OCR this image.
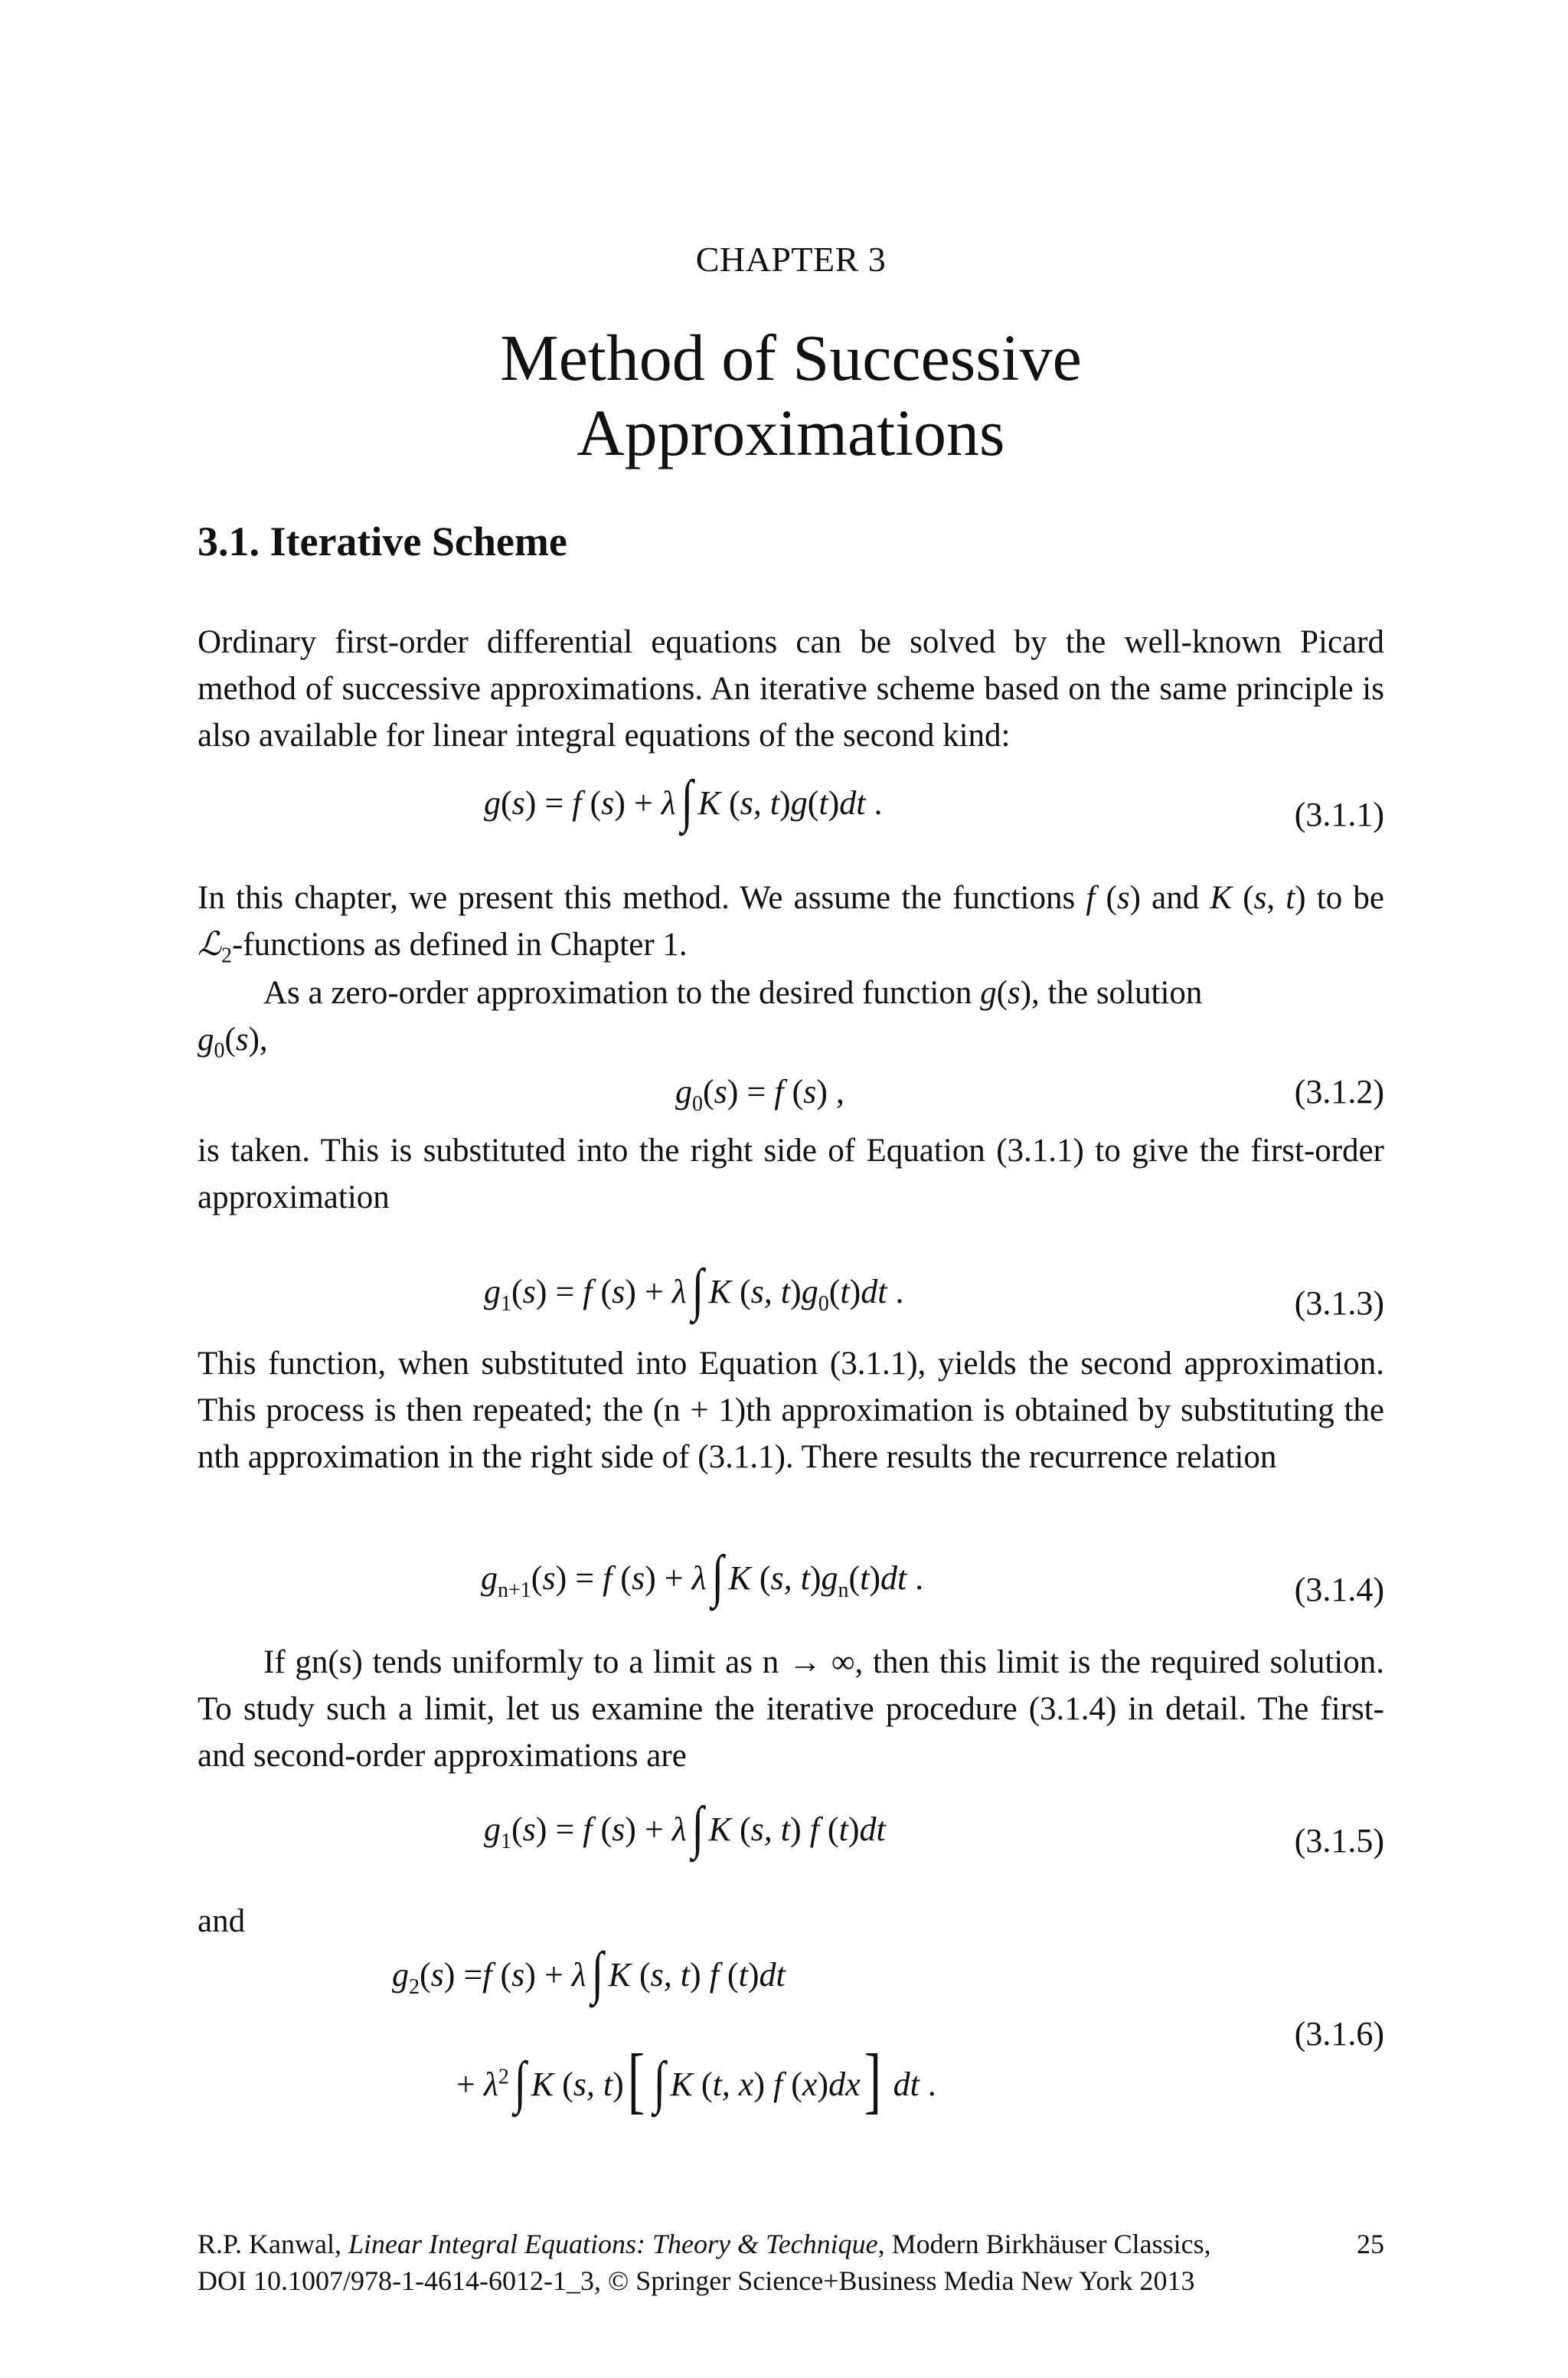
CHAPTER 3
Method of Successive
Approximations
3.1. Iterative Scheme
Ordinary first-order differential equations can be solved by the well-known Picard method of successive approximations. An iterative scheme based on the same principle is also available for linear integral equations of the second kind:
g(s) = f (s) + λ∫ K (s, t)g(t)dt .	(3.1.1)
In this chapter, we present this method. We assume the functions f (s) and K (s, t) to be ℒ$_2$-functions as defined in Chapter 1.
As a zero-order approximation to the desired function g(s), the solution
$g_0(s)$,
$g_0(s) = f$ (s) ,	(3.1.2)
is taken. This is substituted into the right side of Equation (3.1.1) to give the first-order approximation
$g_1(s) = f$ (s) + λ∫ K (s, $t)g_0(t)dt$ .	(3.1.3)
This function, when substituted into Equation (3.1.1), yields the second approximation. This process is then repeated; the (n + 1)th approximation is obtained by substituting the nth approximation in the right side of (3.1.1). There results the recurrence relation
$g_{n+1}(s) = f$ (s) + λ∫ K (s, $t)g_n(t)dt$ .	(3.1.4)
If gn(s) tends uniformly to a limit as n → ∞, then this limit is the required solution. To study such a limit, let us examine the iterative procedure (3.1.4) in detail. The first- and second-order approximations are
$g_1(s) = f$ (s) + λ∫ K (s, t) f (t)dt	(3.1.5)
and
$g_2(s) =f$ (s) + λ∫ K (s, t) f (t)dt
+ $\lambda^2\int$ K (s, t)[ ∫ K (t, x) f (x)dx] dt .
(3.1.6)
R.P. Kanwal, Linear Integral Equations: Theory & Technique, Modern Birkhäuser Classics,
DOI 10.1007/978-1-4614-6012-1_3, © Springer Science+Business Media New York 2013
25
